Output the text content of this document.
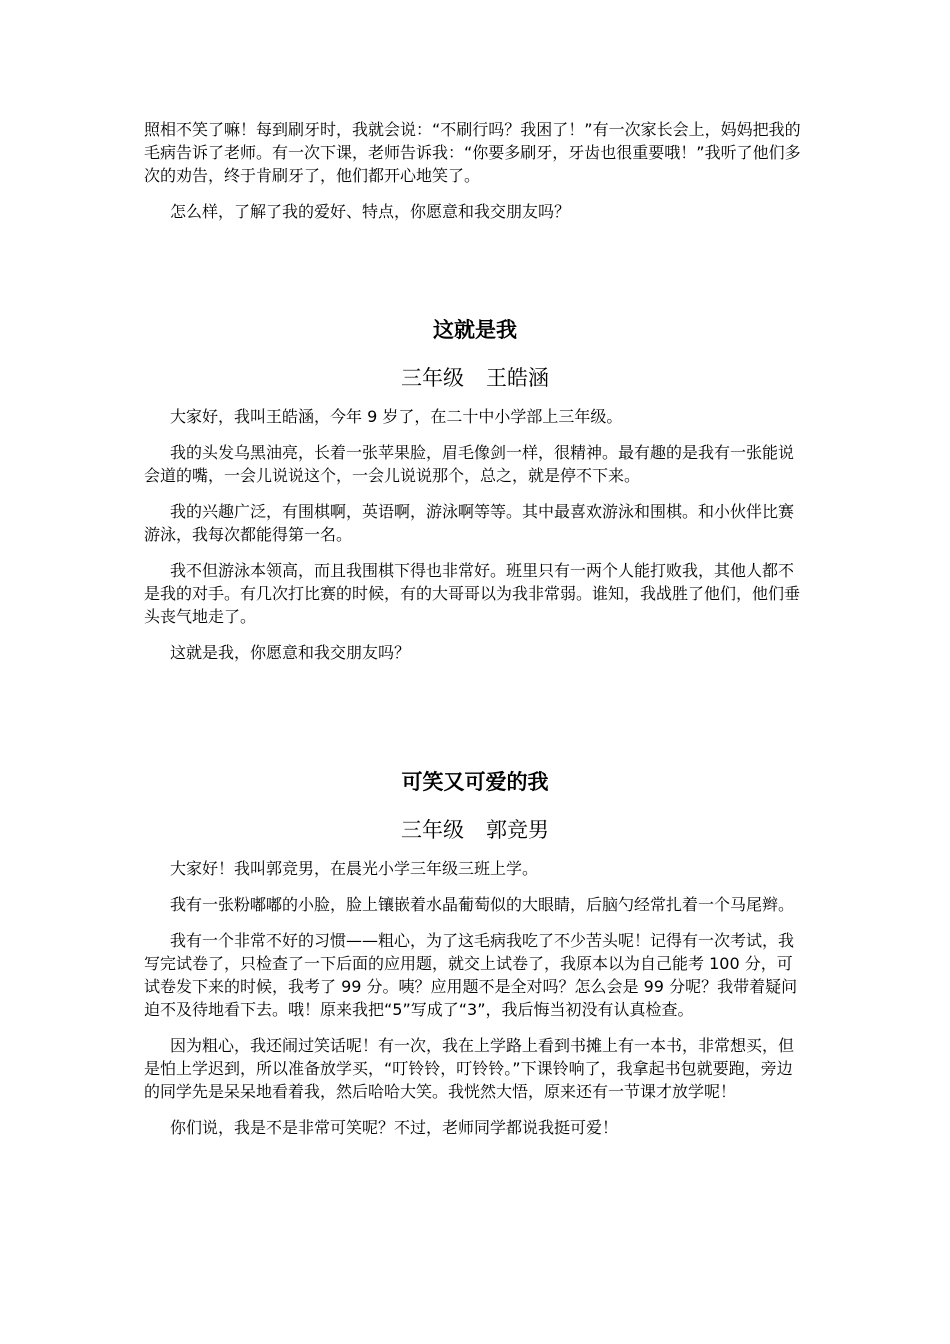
照相不笑了嘛！每到刷牙时，我就会说：“不刷行吗？我困了！”有一次家长会上，妈妈把我的毛病告诉了老师。有一次下课，老师告诉我：“你要多刷牙，牙齿也很重要哦！”我听了他们多次的劝告，终于肯刷牙了，他们都开心地笑了。

怎么样，了解了我的爱好、特点，你愿意和我交朋友吗？

这就是我
三年级 王皓涵

大家好，我叫王皓涵，今年 9 岁了，在二十中小学部上三年级。

我的头发乌黑油亮，长着一张苹果脸，眉毛像剑一样，很精神。最有趣的是我有一张能说会道的嘴，一会儿说说这个，一会儿说说那个，总之，就是停不下来。

我的兴趣广泛，有围棋啊，英语啊，游泳啊等等。其中最喜欢游泳和围棋。和小伙伴比赛游泳，我每次都能得第一名。

我不但游泳本领高，而且我围棋下得也非常好。班里只有一两个人能打败我，其他人都不是我的对手。有几次打比赛的时候，有的大哥哥以为我非常弱。谁知，我战胜了他们，他们垂头丧气地走了。

这就是我，你愿意和我交朋友吗？

可笑又可爱的我
三年级 郭竞男

大家好！我叫郭竞男，在晨光小学三年级三班上学。

我有一张粉嘟嘟的小脸，脸上镶嵌着水晶葡萄似的大眼睛，后脑勺经常扎着一个马尾辫。

我有一个非常不好的习惯——粗心，为了这毛病我吃了不少苦头呢！记得有一次考试，我写完试卷了，只检查了一下后面的应用题，就交上试卷了，我原本以为自己能考 100 分，可试卷发下来的时候，我考了 99 分。咦？应用题不是全对吗？怎么会是 99 分呢？我带着疑问迫不及待地看下去。哦！原来我把“5”写成了“3”，我后悔当初没有认真检查。

因为粗心，我还闹过笑话呢！有一次，我在上学路上看到书摊上有一本书，非常想买，但是怕上学迟到，所以准备放学买，“叮铃铃，叮铃铃。”下课铃响了，我拿起书包就要跑，旁边的同学先是呆呆地看着我，然后哈哈大笑。我恍然大悟，原来还有一节课才放学呢！

你们说，我是不是非常可笑呢？不过，老师同学都说我挺可爱！
